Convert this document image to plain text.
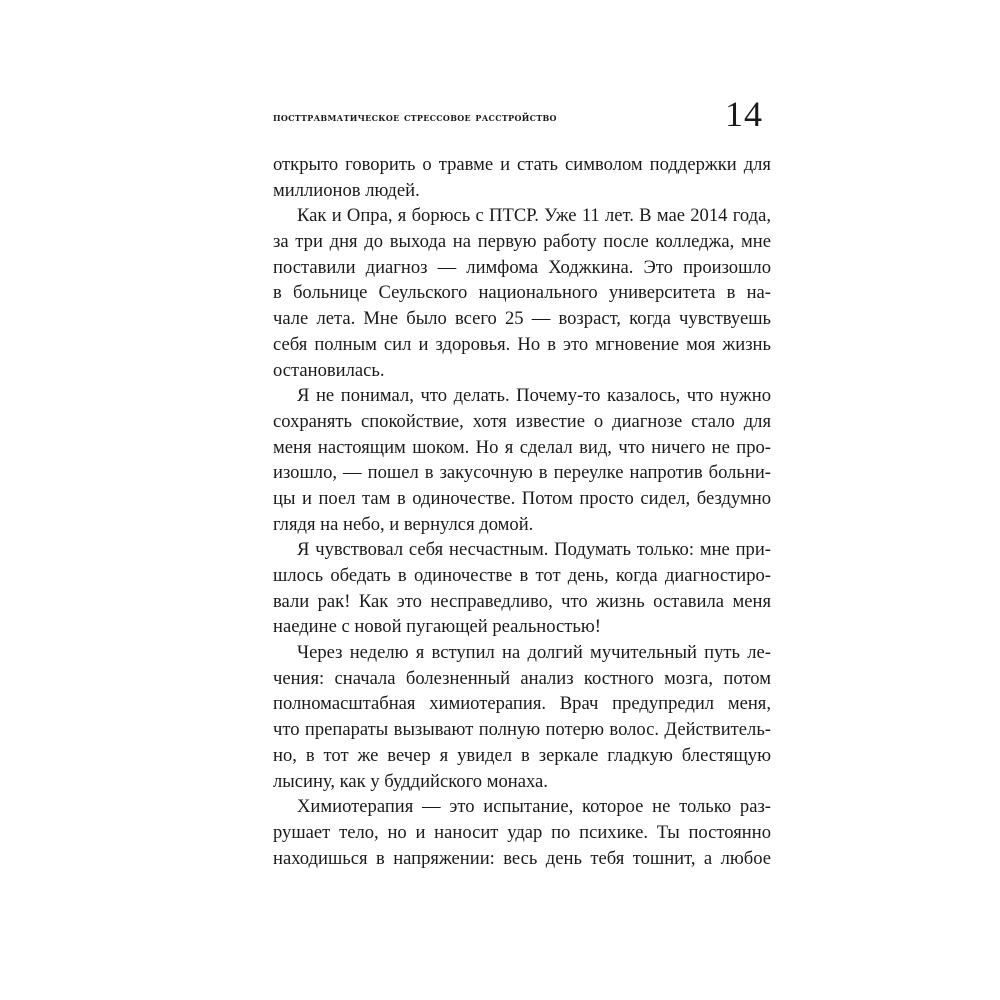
посттравматическое стрессовое расстройство	14
открыто говорить о травме и стать символом поддержки для
миллионов людей.
Как и Опра, я борюсь с ПТСР. Уже 11 лет. В мае 2014 года,
за три дня до выхода на первую работу после колледжа, мне
поставили диагноз — лимфома Ходжкина. Это произошло
в больнице Сеульского национального университета в на-
чале лета. Мне было всего 25 — возраст, когда чувствуешь
себя полным сил и здоровья. Но в это мгновение моя жизнь
остановилась.
Я не понимал, что делать. Почему-то казалось, что нужно
сохранять спокойствие, хотя известие о диагнозе стало для
меня настоящим шоком. Но я сделал вид, что ничего не про-
изошло, — пошел в закусочную в переулке напротив больни-
цы и поел там в одиночестве. Потом просто сидел, бездумно
глядя на небо, и вернулся домой.
Я чувствовал себя несчастным. Подумать только: мне при-
шлось обедать в одиночестве в тот день, когда диагностиро-
вали рак! Как это несправедливо, что жизнь оставила меня
наедине с новой пугающей реальностью!
Через неделю я вступил на долгий мучительный путь ле-
чения: сначала болезненный анализ костного мозга, потом
полномасштабная химиотерапия. Врач предупредил меня,
что препараты вызывают полную потерю волос. Действитель-
но, в тот же вечер я увидел в зеркале гладкую блестящую
лысину, как у буддийского монаха.
Химиотерапия — это испытание, которое не только раз-
рушает тело, но и наносит удар по психике. Ты постоянно
находишься в напряжении: весь день тебя тошнит, а любое
